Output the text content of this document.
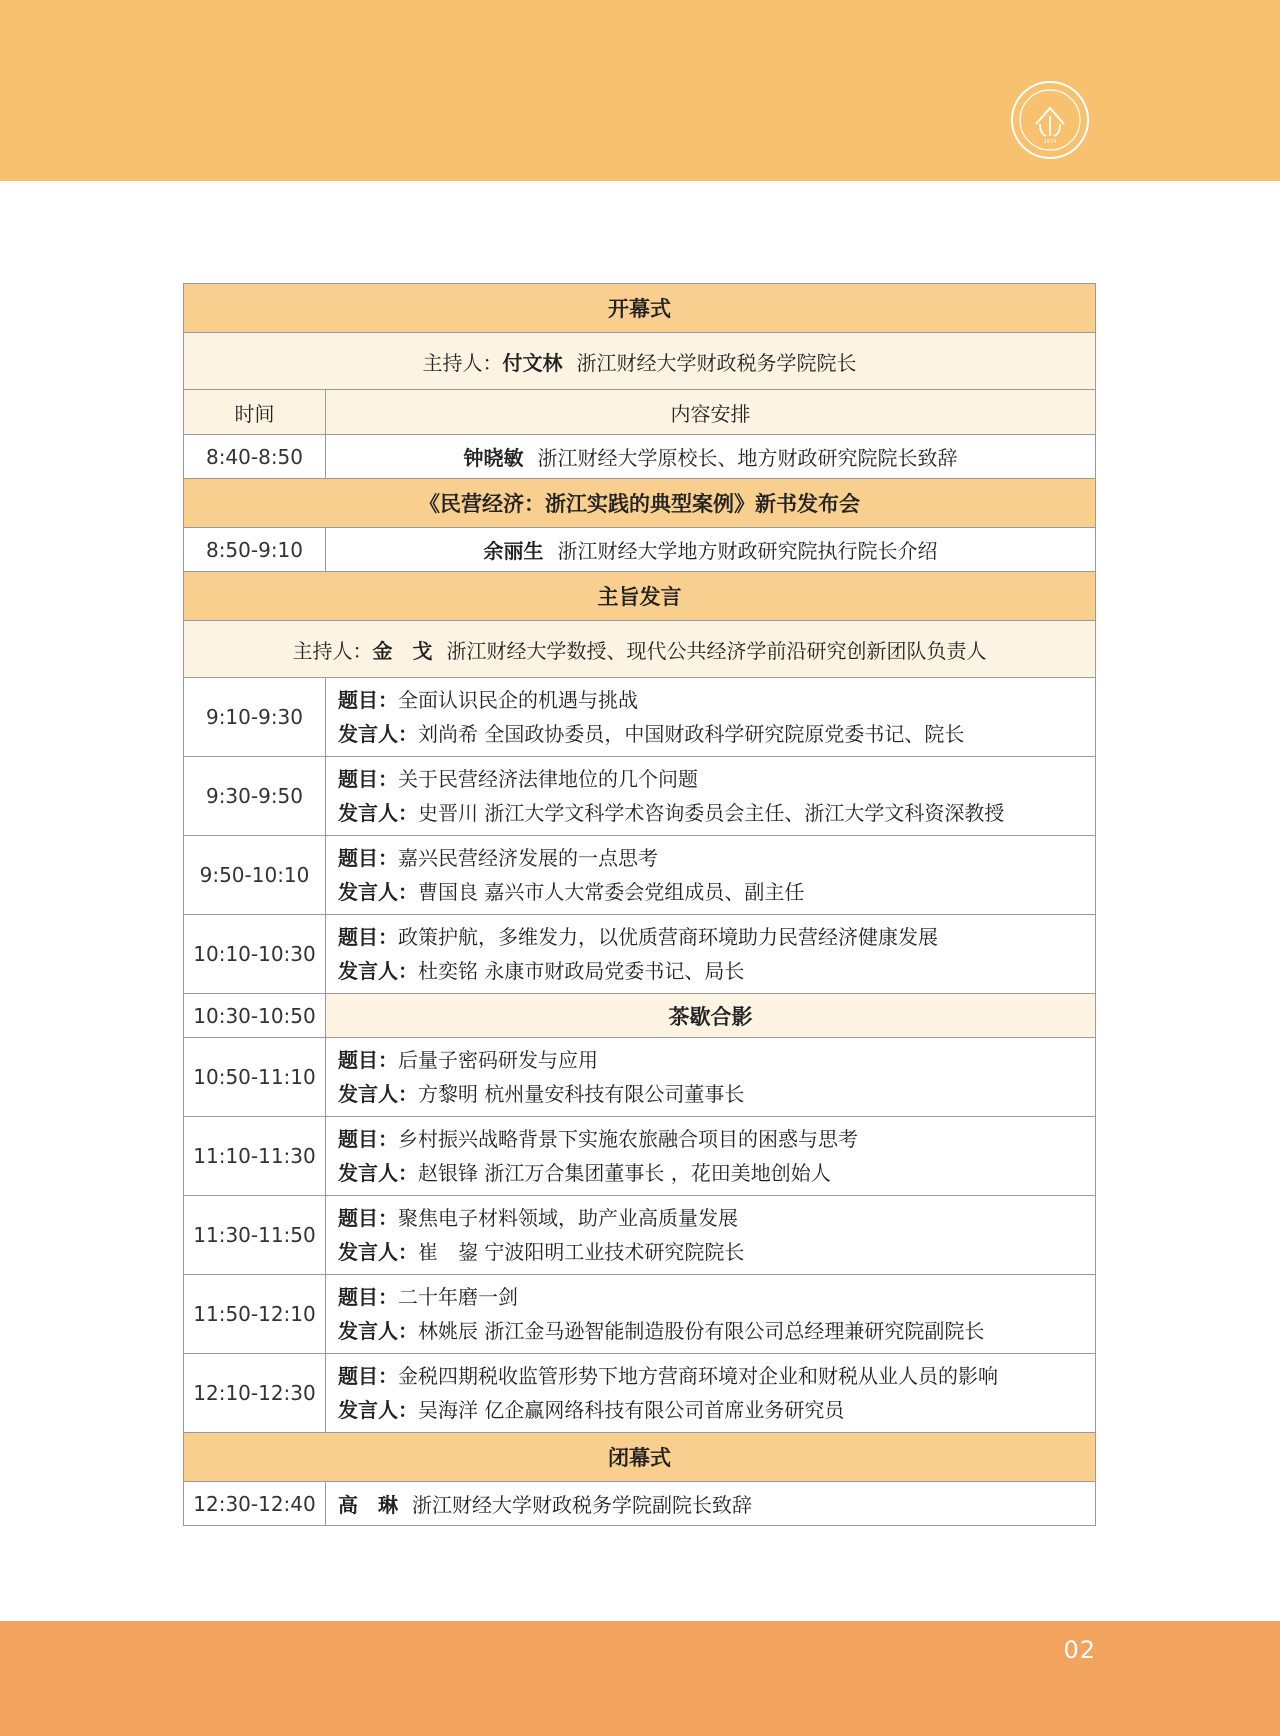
1974
开幕式	
主持人：付文林 浙江财经大学财政税务学院院长	
时间	内容安排
8:40-8:50	钟晓敏 浙江财经大学原校长、地方财政研究院院长致辞
《民营经济：浙江实践的典型案例》新书发布会	
8:50-9:10	余丽生 浙江财经大学地方财政研究院执行院长介绍
主旨发言	
主持人：金　戈 浙江财经大学数授、现代公共经济学前沿研究创新团队负责人	
9:10-9:30	题目：全面认识民企的机遇与挑战
发言人：刘尚希 全国政协委员，中国财政科学研究院原党委书记、院长

9:30-9:50	题目：关于民营经济法律地位的几个问题
发言人：史晋川 浙江大学文科学术咨询委员会主任、浙江大学文科资深教授

9:50-10:10	题目：嘉兴民营经济发展的一点思考
发言人：曹国良 嘉兴市人大常委会党组成员、副主任

10:10-10:30	题目：政策护航，多维发力，以优质营商环境助力民营经济健康发展
发言人：杜奕铭 永康市财政局党委书记、局长

10:30-10:50	茶歇合影
10:50-11:10	题目：后量子密码研发与应用
发言人：方黎明 杭州量安科技有限公司董事长

11:10-11:30	题目：乡村振兴战略背景下实施农旅融合项目的困惑与思考
发言人：赵银锋 浙江万合集团董事长 ，花田美地创始人

11:30-11:50	题目：聚焦电子材料领域，助产业高质量发展
发言人：崔　鋆 宁波阳明工业技术研究院院长

11:50-12:10	题目：二十年磨一剑
发言人：林姚辰 浙江金马逊智能制造股份有限公司总经理兼研究院副院长

12:10-12:30	题目：金税四期税收监管形势下地方营商环境对企业和财税从业人员的影响
发言人：吴海洋 亿企赢网络科技有限公司首席业务研究员

闭幕式	
12:30-12:40	高　琳 浙江财经大学财政税务学院副院长致辞
02
